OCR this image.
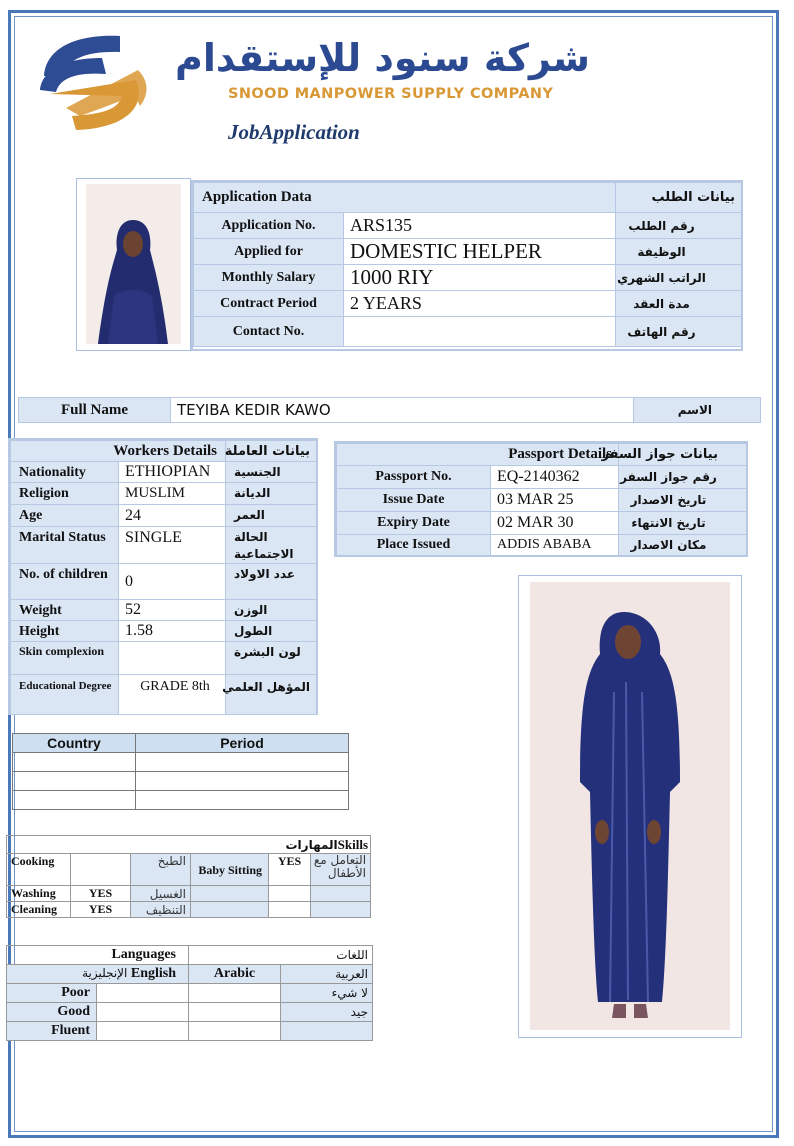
شركة سنود للإستقدام
SNOOD MANPOWER SUPPLY COMPANY
JobApplication
Application Data		بيانات الطلب
Application No.	ARS135	رقم الطلب
Applied for	DOMESTIC HELPER	الوظيفة
Monthly Salary	1000 RIY	الراتب الشهري
Contract Period	2 YEARS	مدة العقد
Contact No.		رقم الهاتف
Full Name	TEYIBA KEDIR KAWO	الاسم
Workers Details		بيانات العاملة
Nationality	ETHIOPIAN	الجنسية
Religion	MUSLIM	الديانة
Age	24	العمر
Marital Status	SINGLE	الحالة الاجتماعية
No. of children	0	عدد الاولاد
Weight	52	الوزن
Height	1.58	الطول
Skin complexion		لون البشرة
Educational Degree	GRADE 8th	المؤهل العلمي
Passport Details		بيانات جواز السفر
Passport No.	EQ-2140362	رقم جواز السفر
Issue Date	03 MAR 25	تاريخ الاصدار
Expiry Date	02 MAR 30	تاريخ الانتهاء
Place Issued	ADDIS ABABA	مكان الاصدار
Country	Period

المهاراتSkills					
Cooking		الطبخ	Baby Sitting	YES	التعامل مع الأطفال
Washing	YES	الغسيل			
Cleaning	YES	التنظيف			
Languages		اللغات	
الإنجليزية English		Arabic	العربية
Poor			لا شيء
Good			جيد
Fluent			
